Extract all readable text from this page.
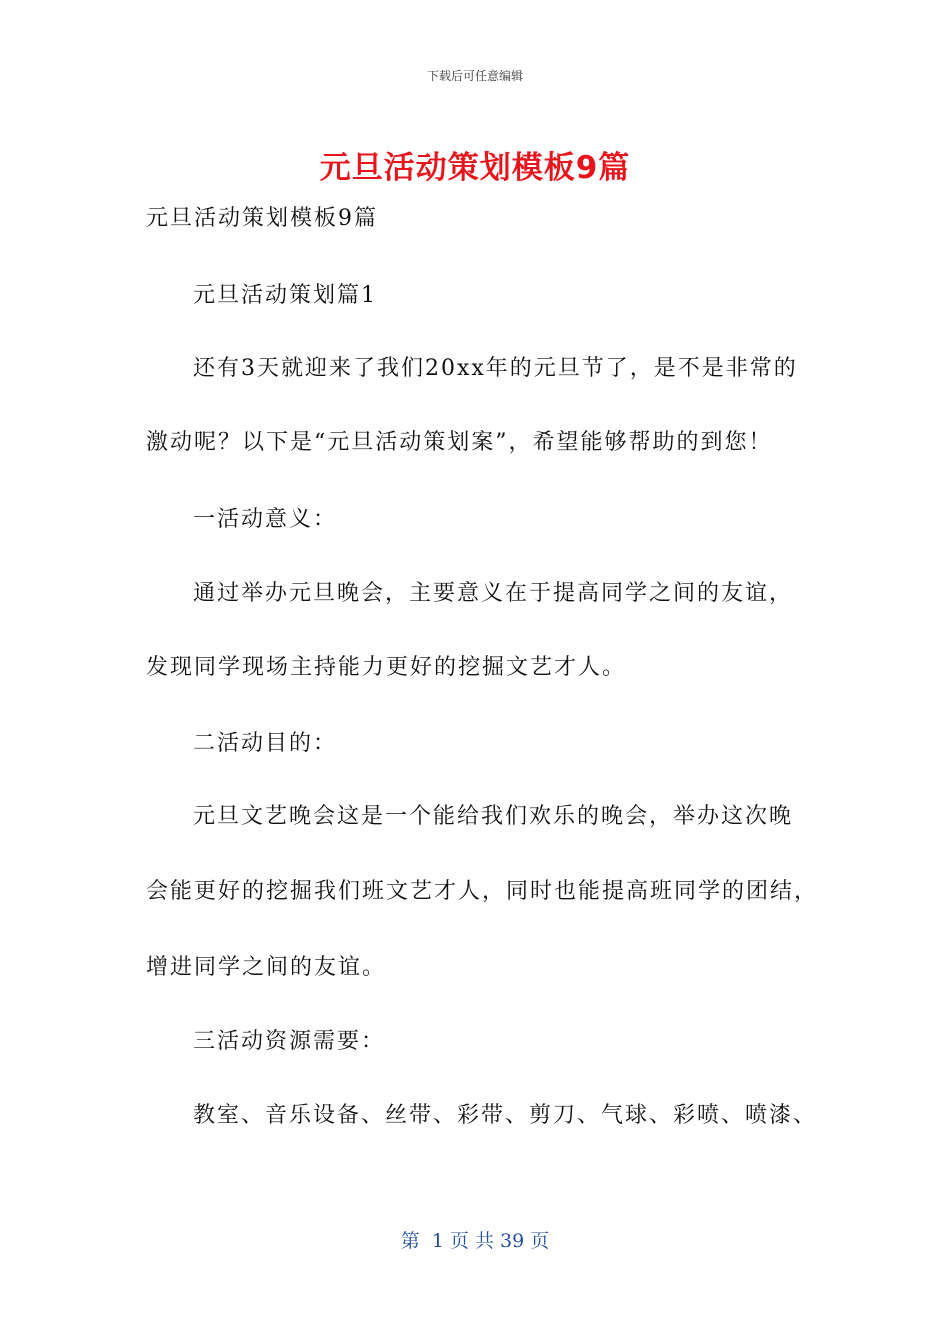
下载后可任意编辑
元旦活动策划模板9篇
元旦活动策划模板9篇
元旦活动策划篇1
还有3天就迎来了我们20xx年的元旦节了，是不是非常的
激动呢？以下是“元旦活动策划案”，希望能够帮助的到您！
一活动意义：
通过举办元旦晚会，主要意义在于提高同学之间的友谊，
发现同学现场主持能力更好的挖掘文艺才人。
二活动目的：
元旦文艺晚会这是一个能给我们欢乐的晚会，举办这次晚
会能更好的挖掘我们班文艺才人，同时也能提高班同学的团结，
增进同学之间的友谊。
三活动资源需要：
教室、音乐设备、丝带、彩带、剪刀、气球、彩喷、喷漆、
第  1 页 共 39 页
